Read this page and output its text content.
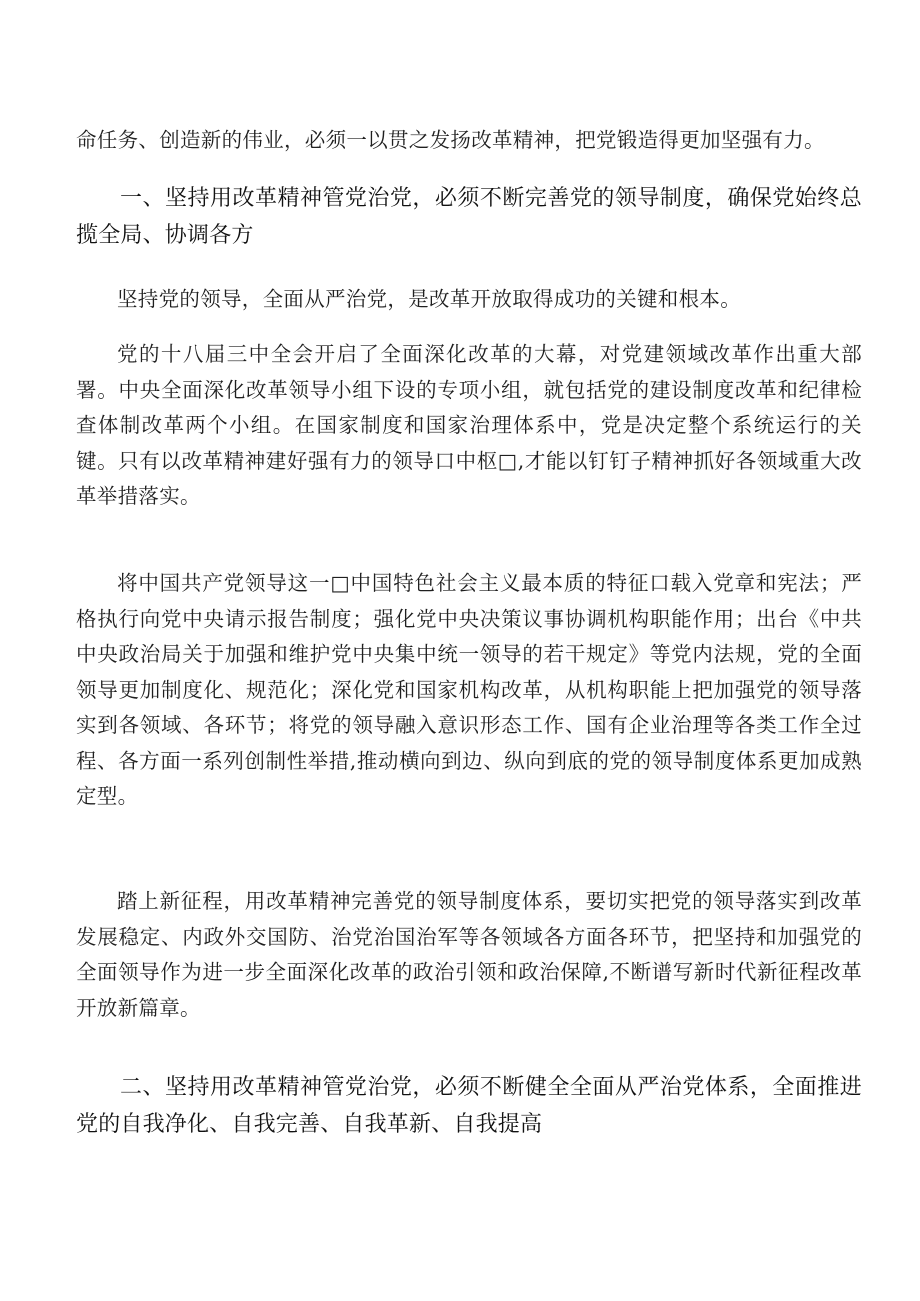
命任务、创造新的伟业，必须一以贯之发扬改革精神，把党锻造得更加坚强有力。

一、坚持用改革精神管党治党，必须不断完善党的领导制度，确保党始终总揽全局、协调各方

坚持党的领导，全面从严治党，是改革开放取得成功的关键和根本。

党的十八届三中全会开启了全面深化改革的大幕，对党建领域改革作出重大部署。中央全面深化改革领导小组下设的专项小组，就包括党的建设制度改革和纪律检查体制改革两个小组。在国家制度和国家治理体系中，党是决定整个系统运行的关键。只有以改革精神建好强有力的领导口中枢□,才能以钉钉子精神抓好各领域重大改革举措落实。

将中国共产党领导这一□中国特色社会主义最本质的特征口载入党章和宪法；严格执行向党中央请示报告制度；强化党中央决策议事协调机构职能作用；出台《中共中央政治局关于加强和维护党中央集中统一领导的若干规定》等党内法规，党的全面领导更加制度化、规范化；深化党和国家机构改革，从机构职能上把加强党的领导落实到各领域、各环节；将党的领导融入意识形态工作、国有企业治理等各类工作全过程、各方面一系列创制性举措,推动横向到边、纵向到底的党的领导制度体系更加成熟定型。

踏上新征程，用改革精神完善党的领导制度体系，要切实把党的领导落实到改革发展稳定、内政外交国防、治党治国治军等各领域各方面各环节，把坚持和加强党的全面领导作为进一步全面深化改革的政治引领和政治保障,不断谱写新时代新征程改革开放新篇章。

二、坚持用改革精神管党治党，必须不断健全全面从严治党体系，全面推进党的自我净化、自我完善、自我革新、自我提高
